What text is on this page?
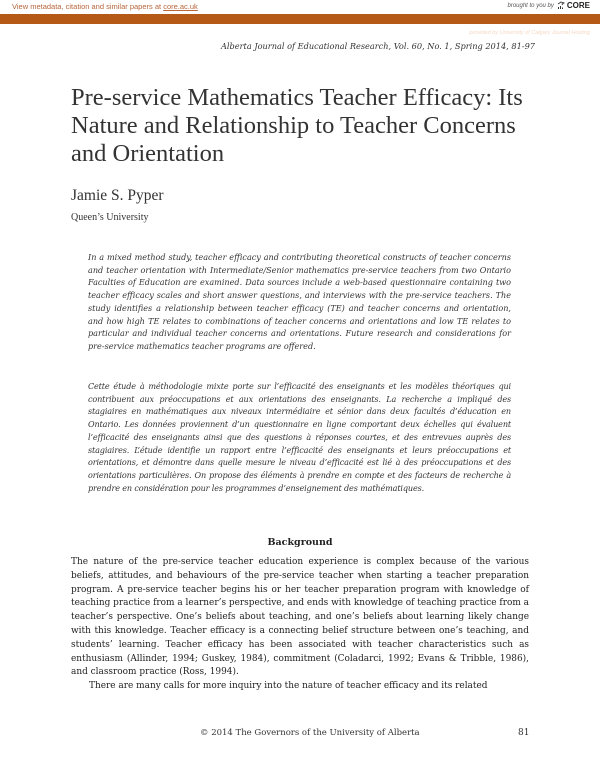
View metadata, citation and similar papers at core.ac.uk	brought to you by CORE
provided by University of Calgary Journal Hosting
Alberta Journal of Educational Research, Vol. 60, No. 1, Spring 2014, 81-97
Pre-service Mathematics Teacher Efficacy: Its Nature and Relationship to Teacher Concerns and Orientation
Jamie S. Pyper
Queen’s University
In a mixed method study, teacher efficacy and contributing theoretical constructs of teacher concerns and teacher orientation with Intermediate/Senior mathematics pre-service teachers from two Ontario Faculties of Education are examined. Data sources include a web-based questionnaire containing two teacher efficacy scales and short answer questions, and interviews with the pre-service teachers. The study identifies a relationship between teacher efficacy (TE) and teacher concerns and orientation, and how high TE relates to combinations of teacher concerns and orientations and low TE relates to particular and individual teacher concerns and orientations. Future research and considerations for pre-service mathematics teacher programs are offered.
Cette étude à méthodologie mixte porte sur l’efficacité des enseignants et les modèles théoriques qui contribuent aux préoccupations et aux orientations des enseignants. La recherche a impliqué des stagiaires en mathématiques aux niveaux intermédiaire et sénior dans deux facultés d’éducation en Ontario. Les données proviennent d’un questionnaire en ligne comportant deux échelles qui évaluent l’efficacité des enseignants ainsi que des questions à réponses courtes, et des entrevues auprès des stagiaires. L’étude identifie un rapport entre l’efficacité des enseignants et leurs préoccupations et orientations, et démontre dans quelle mesure le niveau d’efficacité est lié à des préoccupations et des orientations particulières. On propose des éléments à prendre en compte et des facteurs de recherche à prendre en considération pour les programmes d’enseignement des mathématiques.
Background

The nature of the pre-service teacher education experience is complex because of the various beliefs, attitudes, and behaviours of the pre-service teacher when starting a teacher preparation program. A pre-service teacher begins his or her teacher preparation program with knowledge of teaching practice from a learner’s perspective, and ends with knowledge of teaching practice from a teacher’s perspective. One’s beliefs about teaching, and one’s beliefs about learning likely change with this knowledge. Teacher efficacy is a connecting belief structure between one’s teaching, and students’ learning. Teacher efficacy has been associated with teacher characteristics such as enthusiasm (Allinder, 1994; Guskey, 1984), commitment (Coladarci, 1992; Evans & Tribble, 1986), and classroom practice (Ross, 1994).

There are many calls for more inquiry into the nature of teacher efficacy and its related

© 2014 The Governors of the University of Alberta	81
